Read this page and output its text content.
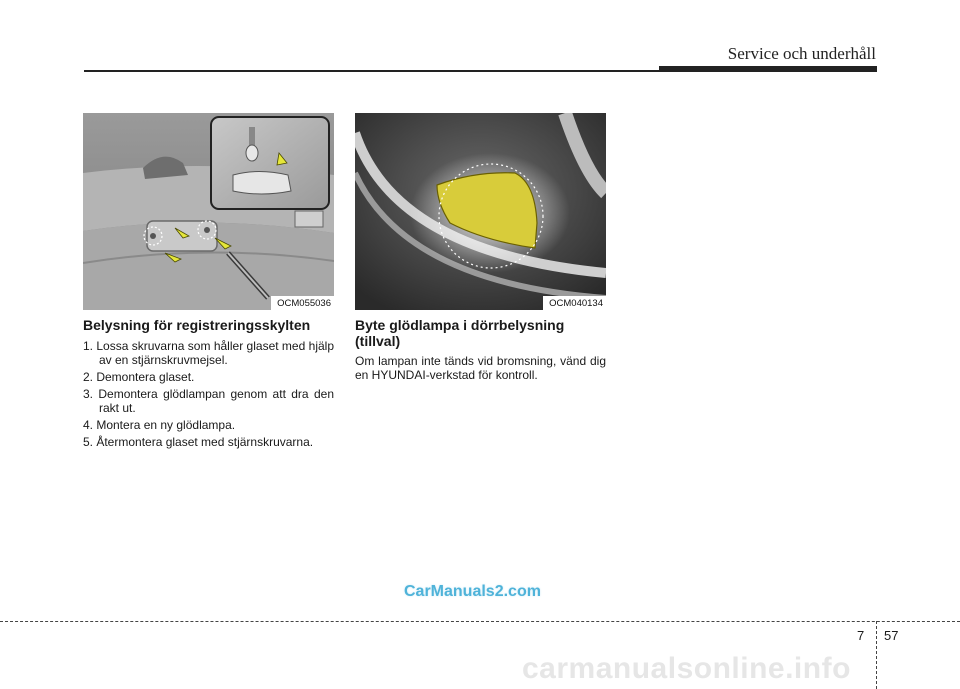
Service och underhåll
OCM055036	OCM040134
Belysning för registreringsskylten

1. Lossa skruvarna som håller glaset med hjälp av en stjärnskruvmejsel.

2. Demontera glaset.

3. Demontera glödlampan genom att dra den rakt ut.

4. Montera en ny glödlampa.

5. Återmontera glaset med stjärnskruvarna.

Byte glödlampa i dörrbelysning (tillval)

Om lampan inte tänds vid bromsning, vänd dig en HYUNDAI-verkstad för kontroll.

CarManuals2.com
7 57
carmanualsonline.info
